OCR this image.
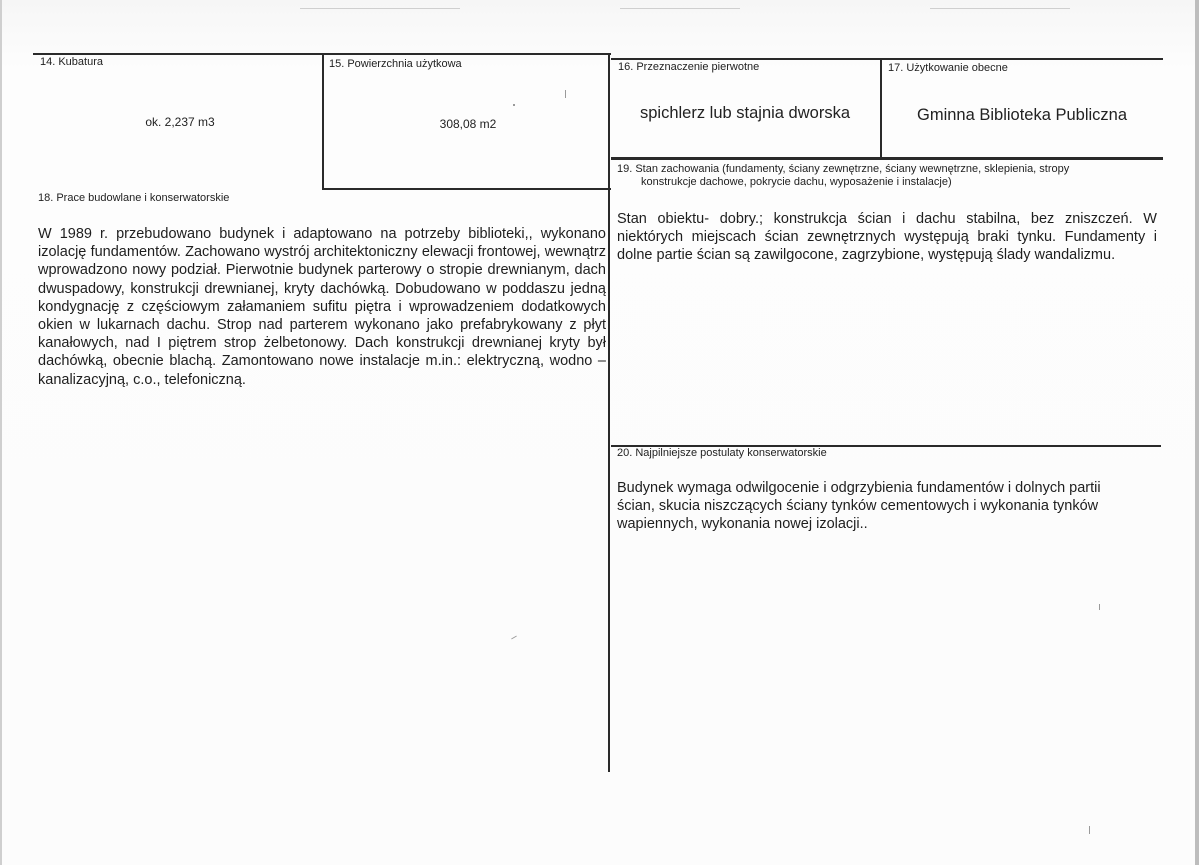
14. Kubatura
ok. 2,237 m3
15. Powierzchnia użytkowa
308,08 m2
16. Przeznaczenie pierwotne
spichlerz lub stajnia dworska
17. Użytkowanie obecne
Gminna Biblioteka Publiczna
18. Prace budowlane i konserwatorskie
W 1989 r. przebudowano budynek i adaptowano na potrzeby biblioteki,, wykonano izolację fundamentów. Zachowano wystrój architektoniczny elewacji frontowej, wewnątrz wprowadzono nowy podział. Pierwotnie budynek parterowy o stropie drewnianym, dach dwuspadowy, konstrukcji drewnianej, kryty dachówką. Dobudowano w poddaszu jedną kondygnację z częściowym załamaniem sufitu piętra i wprowadzeniem dodatkowych okien w lukarnach dachu. Strop nad parterem wykonano jako prefabrykowany z płyt kanałowych, nad I piętrem strop żelbetonowy. Dach konstrukcji drewnianej kryty był dachówką, obecnie blachą. Zamontowano nowe instalacje m.in.: elektryczną, wodno – kanalizacyjną, c.o., telefoniczną.
19. Stan zachowania (fundamenty, ściany zewnętrzne, ściany wewnętrzne, sklepienia, stropy
konstrukcje dachowe, pokrycie dachu, wyposażenie i instalacje)
Stan obiektu- dobry.; konstrukcja ścian i dachu stabilna, bez zniszczeń. W niektórych miejscach ścian zewnętrznych występują braki tynku. Fundamenty i dolne partie ścian są zawilgocone, zagrzybione, występują ślady wandalizmu.
20. Najpilniejsze postulaty konserwatorskie
Budynek wymaga odwilgocenie i odgrzybienia fundamentów i dolnych partii ścian, skucia niszczących ściany tynków cementowych i wykonania tynków wapiennych, wykonania nowej izolacji..
